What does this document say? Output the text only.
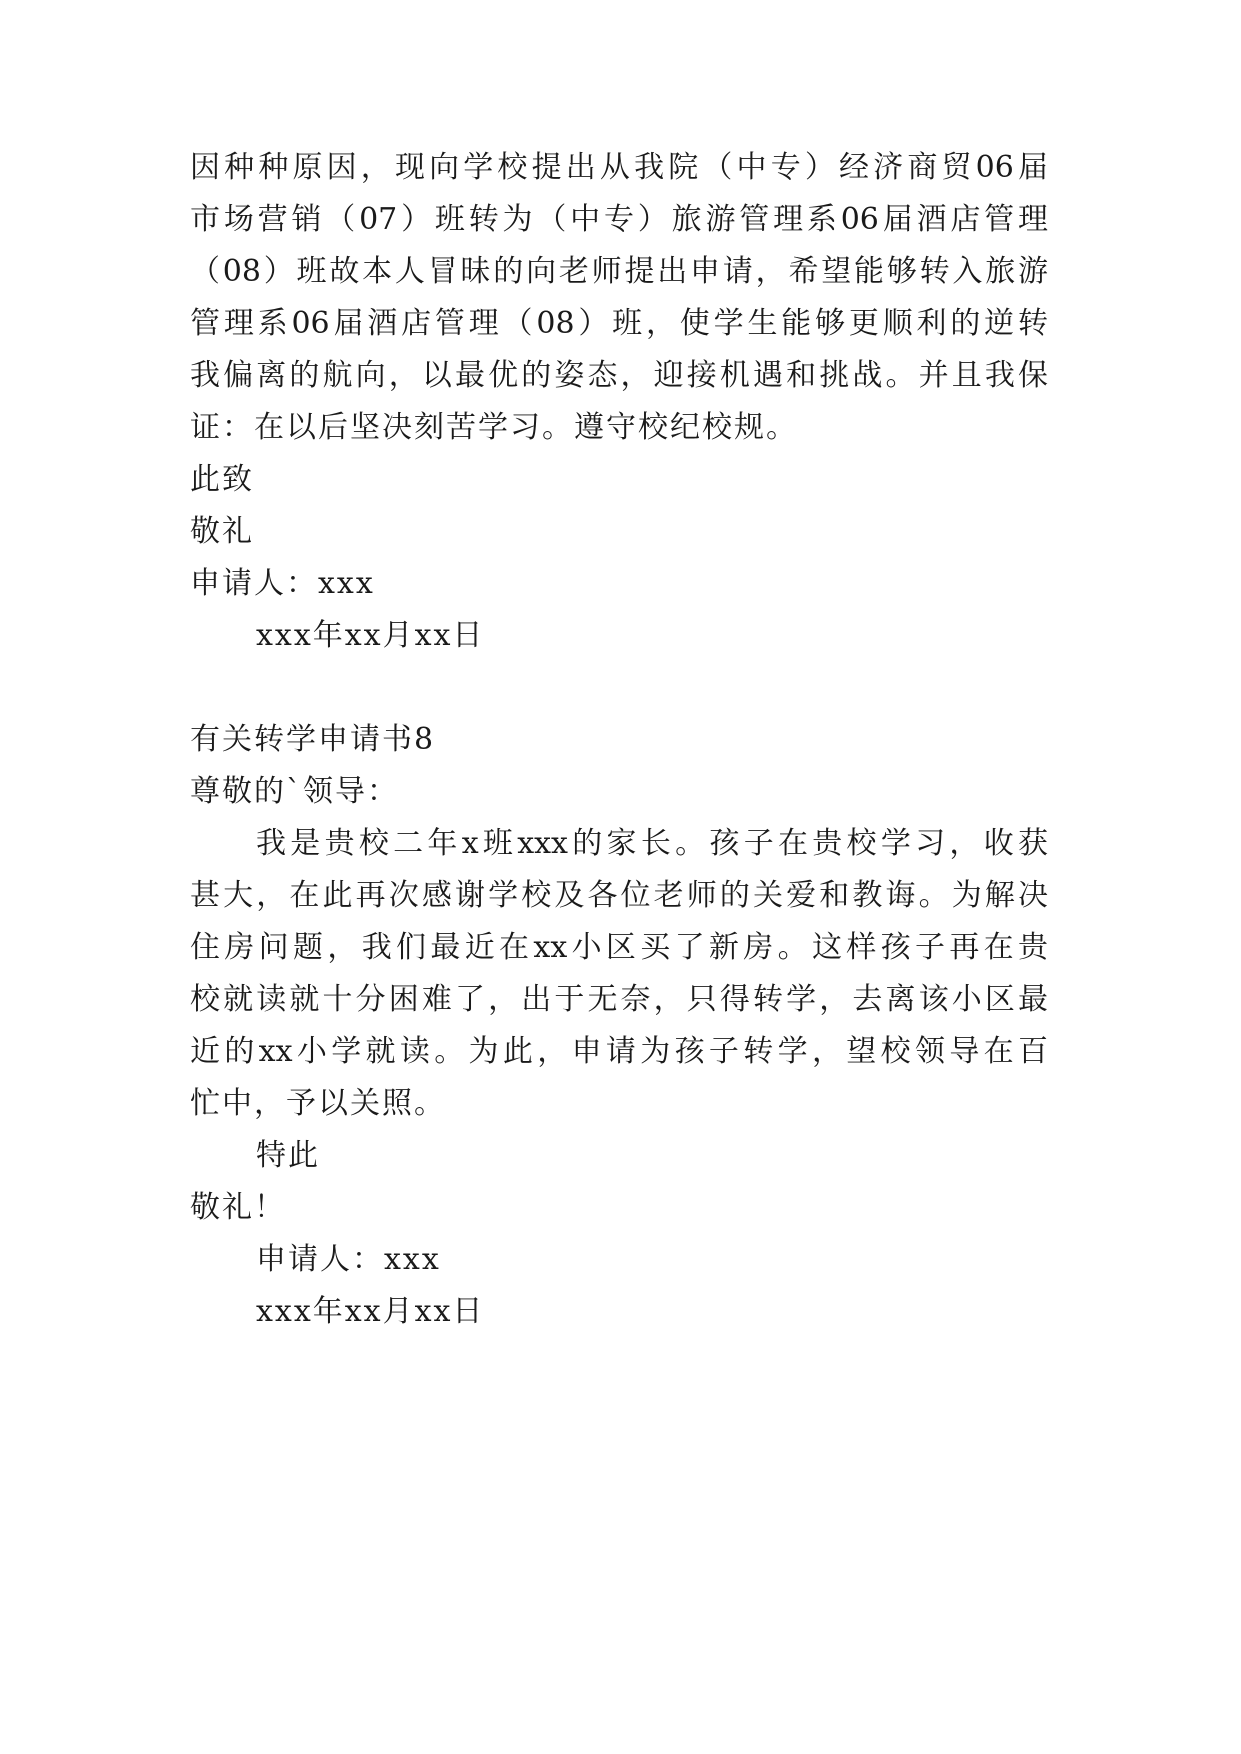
因种种原因，现向学校提出从我院（中专）经济商贸06届
市场营销（07）班转为（中专）旅游管理系06届酒店管理
（08）班故本人冒昧的向老师提出申请，希望能够转入旅游
管理系06届酒店管理（08）班，使学生能够更顺利的逆转
我偏离的航向，以最优的姿态，迎接机遇和挑战。并且我保
证：在以后坚决刻苦学习。遵守校纪校规。
此致
敬礼
申请人：xxx
xxx年xx月xx日
有关转学申请书8
尊敬的`领导：
我是贵校二年x班xxx的家长。孩子在贵校学习，收获
甚大，在此再次感谢学校及各位老师的关爱和教诲。为解决
住房问题，我们最近在xx小区买了新房。这样孩子再在贵
校就读就十分困难了，出于无奈，只得转学，去离该小区最
近的xx小学就读。为此，申请为孩子转学，望校领导在百
忙中，予以关照。
特此
敬礼！
申请人：xxx
xxx年xx月xx日
